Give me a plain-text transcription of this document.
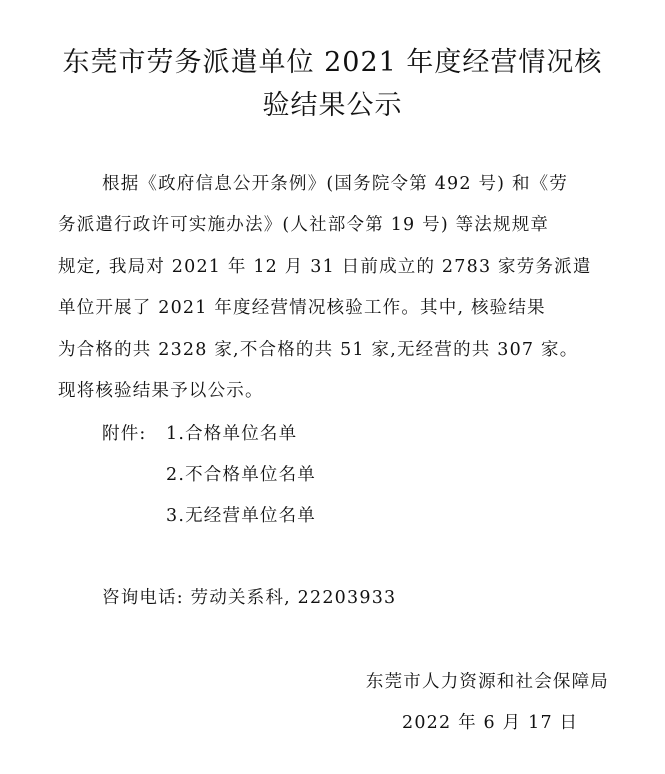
东莞市劳务派遣单位 2021 年度经营情况核
验结果公示
根据《政府信息公开条例》(国务院令第 492 号) 和《劳
务派遣行政许可实施办法》(人社部令第 19 号) 等法规规章
规定, 我局对 2021 年 12 月 31 日前成立的 2783 家劳务派遣
单位开展了 2021 年度经营情况核验工作。其中, 核验结果
为合格的共 2328 家,不合格的共 51 家,无经营的共 307 家。
现将核验结果予以公示。
附件: 1.合格单位名单
2.不合格单位名单
3.无经营单位名单
咨询电话: 劳动关系科, 22203933
东莞市人力资源和社会保障局
2022 年 6 月 17 日
